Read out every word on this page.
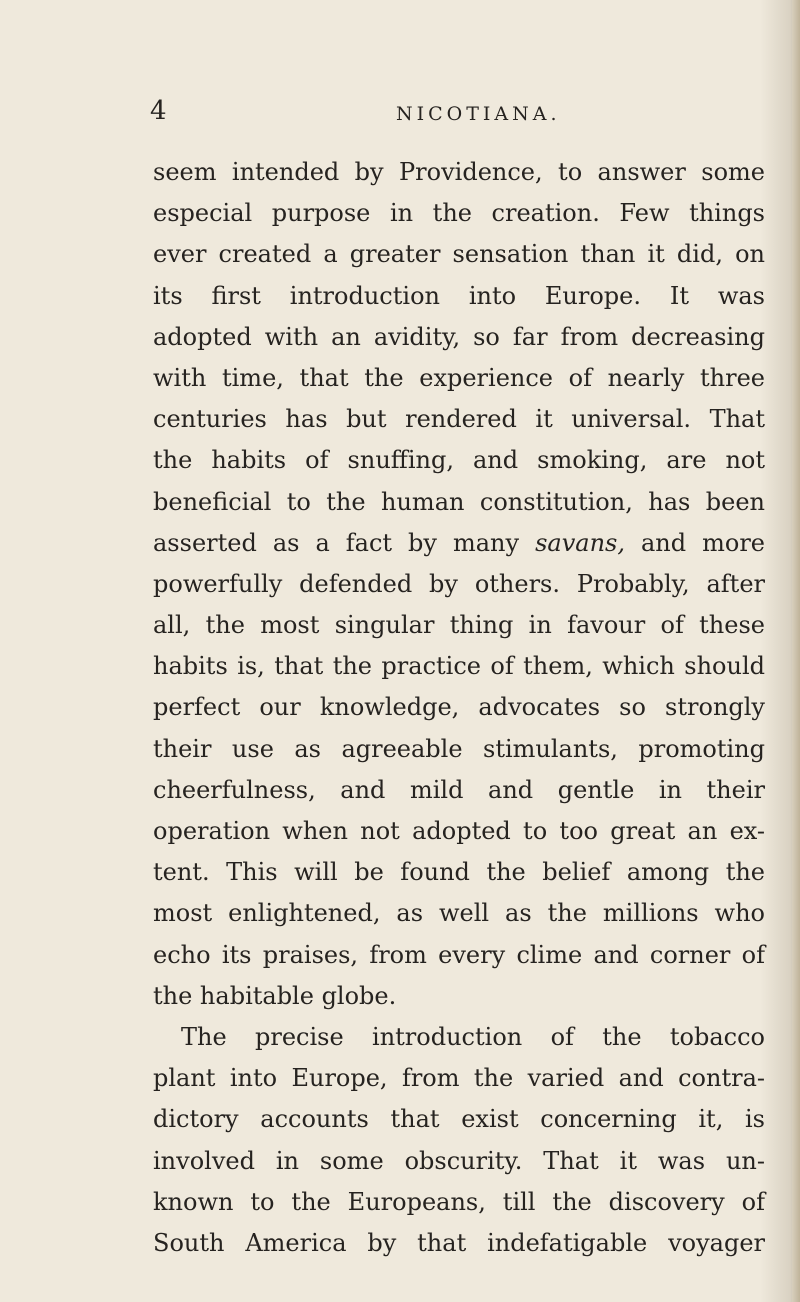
4	NICOTIANA.
seem intended by Providence, to answer some
especial purpose in the creation. Few things
ever created a greater sensation than it did, on
its first introduction into Europe. It was
adopted with an avidity, so far from decreasing
with time, that the experience of nearly three
centuries has but rendered it universal. That
the habits of snuffing, and smoking, are not
beneficial to the human constitution, has been
asserted as a fact by many savans, and more
powerfully defended by others. Probably, after
all, the most singular thing in favour of these
habits is, that the practice of them, which should
perfect our knowledge, advocates so strongly
their use as agreeable stimulants, promoting
cheerfulness, and mild and gentle in their
operation when not adopted to too great an ex-
tent. This will be found the belief among the
most enlightened, as well as the millions who
echo its praises, from every clime and corner of
the habitable globe.
The precise introduction of the tobacco
plant into Europe, from the varied and contra-
dictory accounts that exist concerning it, is
involved in some obscurity. That it was un-
known to the Europeans, till the discovery of
South America by that indefatigable voyager
